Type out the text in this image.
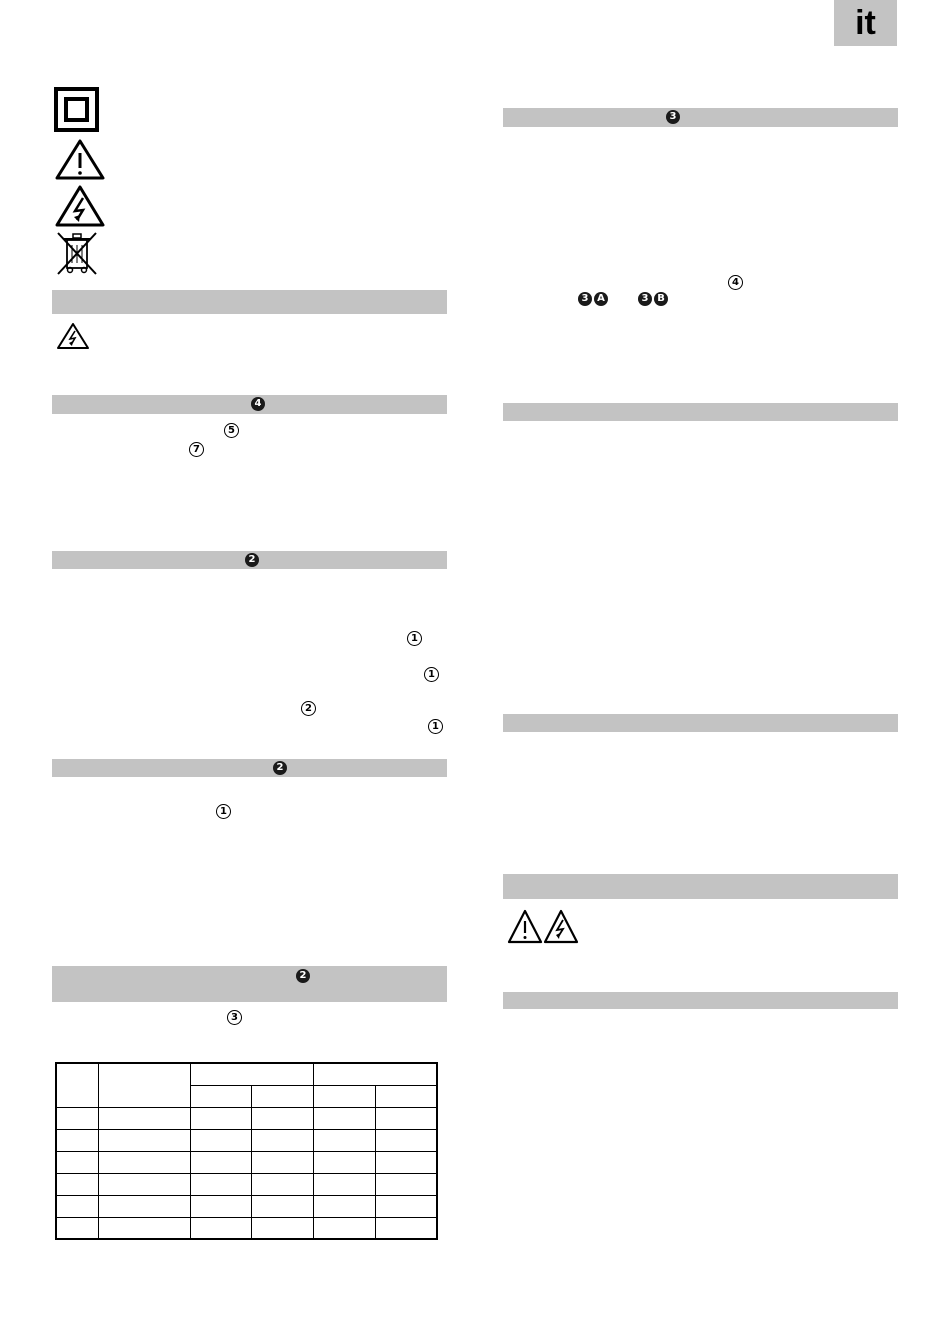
it
4
5
7
2
1
1
2
1
2
1
2
3

3
4
3 A	3 B
